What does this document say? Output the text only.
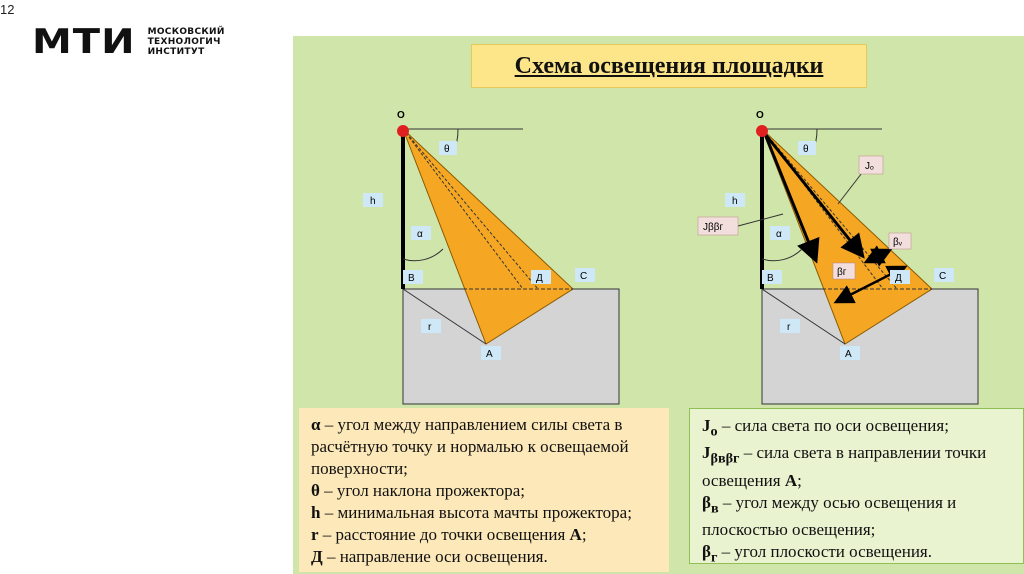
12
МТИ МОСКОВСКИЙ
ТЕХНОЛОГИЧ
ИНСТИТУТ
Схема освещения площадки
О
θ
h
α
В	Д	С
r
А
О
θ
Jₒ
h
Jββг
α
βᵥ
βг
В	Д	С
r
А

α – угол между направлением силы света в расчётную точку и нормалью к освещаемой поверхности;

θ – угол наклона прожектора;

h – минимальная высота мачты прожектора;

r – расстояние до точки освещения А;

Д – направление оси освещения.

$J_o$ – сила света по оси освещения;

$J_{\beta в\beta г}$ – сила света в направлении точки освещения А;

$\beta_в$ – угол между осью освещения и плоскостью освещения;

$\beta_г$ – угол плоскости освещения.
